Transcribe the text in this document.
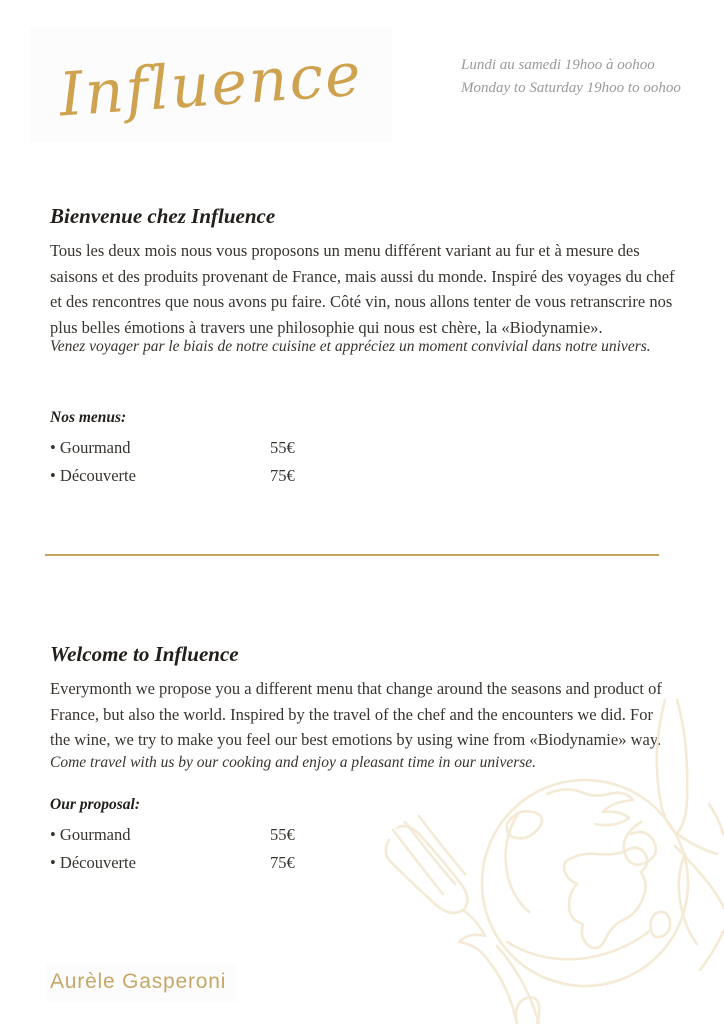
Influence	Lundi au samedi 19hoo à oohoo
Monday to Saturday 19hoo to oohoo
Bienvenue chez Influence

Tous les deux mois nous vous proposons un menu différent variant au fur et à mesure des saisons et des produits provenant de France, mais aussi du monde. Inspiré des voyages du chef et des rencontres que nous avons pu faire. Côté vin, nous allons tenter de vous retranscrire nos plus belles émotions à travers une philosophie qui nous est chère, la «Biodynamie».

Venez voyager par le biais de notre cuisine et appréciez un moment convivial dans notre univers.

Nos menus:

• Gourmand	55€
• Découverte	75€
Welcome to Influence

Everymonth we propose you a different menu that change around the seasons and product of France, but also the world. Inspired by the travel of the chef and the encounters we did. For the wine, we try to make you feel our best emotions by using wine from «Biodynamie» way.

Come travel with us by our cooking and enjoy a pleasant time in our universe.

Our proposal:

• Gourmand	55€
• Découverte	75€
Aurèle Gasperoni
